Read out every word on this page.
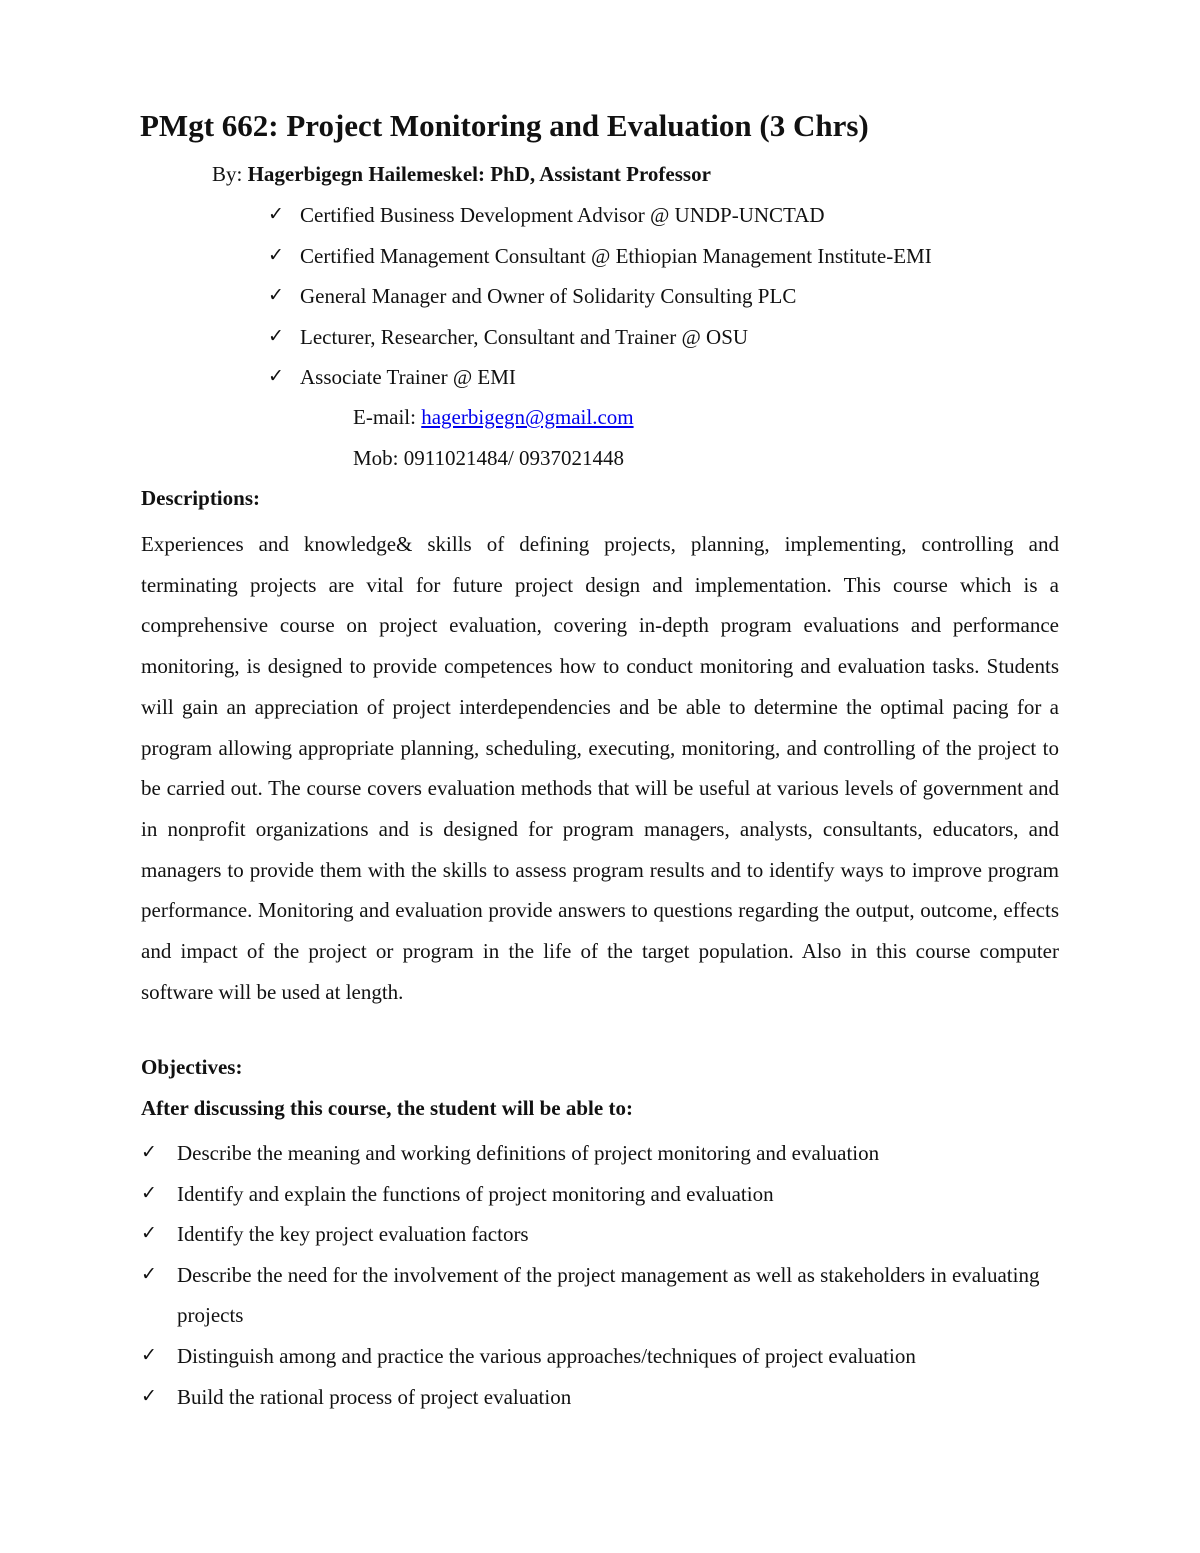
PMgt 662: Project Monitoring and Evaluation (3 Chrs)
By: Hagerbigegn Hailemeskel: PhD, Assistant Professor
✓ Certified Business Development Advisor @ UNDP-UNCTAD
✓ Certified Management Consultant @ Ethiopian Management Institute-EMI
✓ General Manager and Owner of Solidarity Consulting PLC
✓ Lecturer, Researcher, Consultant and Trainer @ OSU
✓ Associate Trainer @ EMI
E-mail: hagerbigegn@gmail.com
Mob: 0911021484/ 0937021448
Descriptions:

Experiences and knowledge& skills of defining projects, planning, implementing, controlling and terminating projects are vital for future project design and implementation. This course which is a comprehensive course on project evaluation, covering in-depth program evaluations and performance monitoring, is designed to provide competences how to conduct monitoring and evaluation tasks. Students will gain an appreciation of project interdependencies and be able to determine the optimal pacing for a program allowing appropriate planning, scheduling, executing, monitoring, and controlling of the project to be carried out. The course covers evaluation methods that will be useful at various levels of government and in nonprofit organizations and is designed for program managers, analysts, consultants, educators, and managers to provide them with the skills to assess program results and to identify ways to improve program performance. Monitoring and evaluation provide answers to questions regarding the output, outcome, effects and impact of the project or program in the life of the target population. Also in this course computer software will be used at length.

Objectives:
After discussing this course, the student will be able to:
✓ Describe the meaning and working definitions of project monitoring and evaluation
✓ Identify and explain the functions of project monitoring and evaluation
✓ Identify the key project evaluation factors
✓ Describe the need for the involvement of the project management as well as stakeholders in evaluating projects
✓ Distinguish among and practice the various approaches/techniques of project evaluation
✓ Build the rational process of project evaluation
